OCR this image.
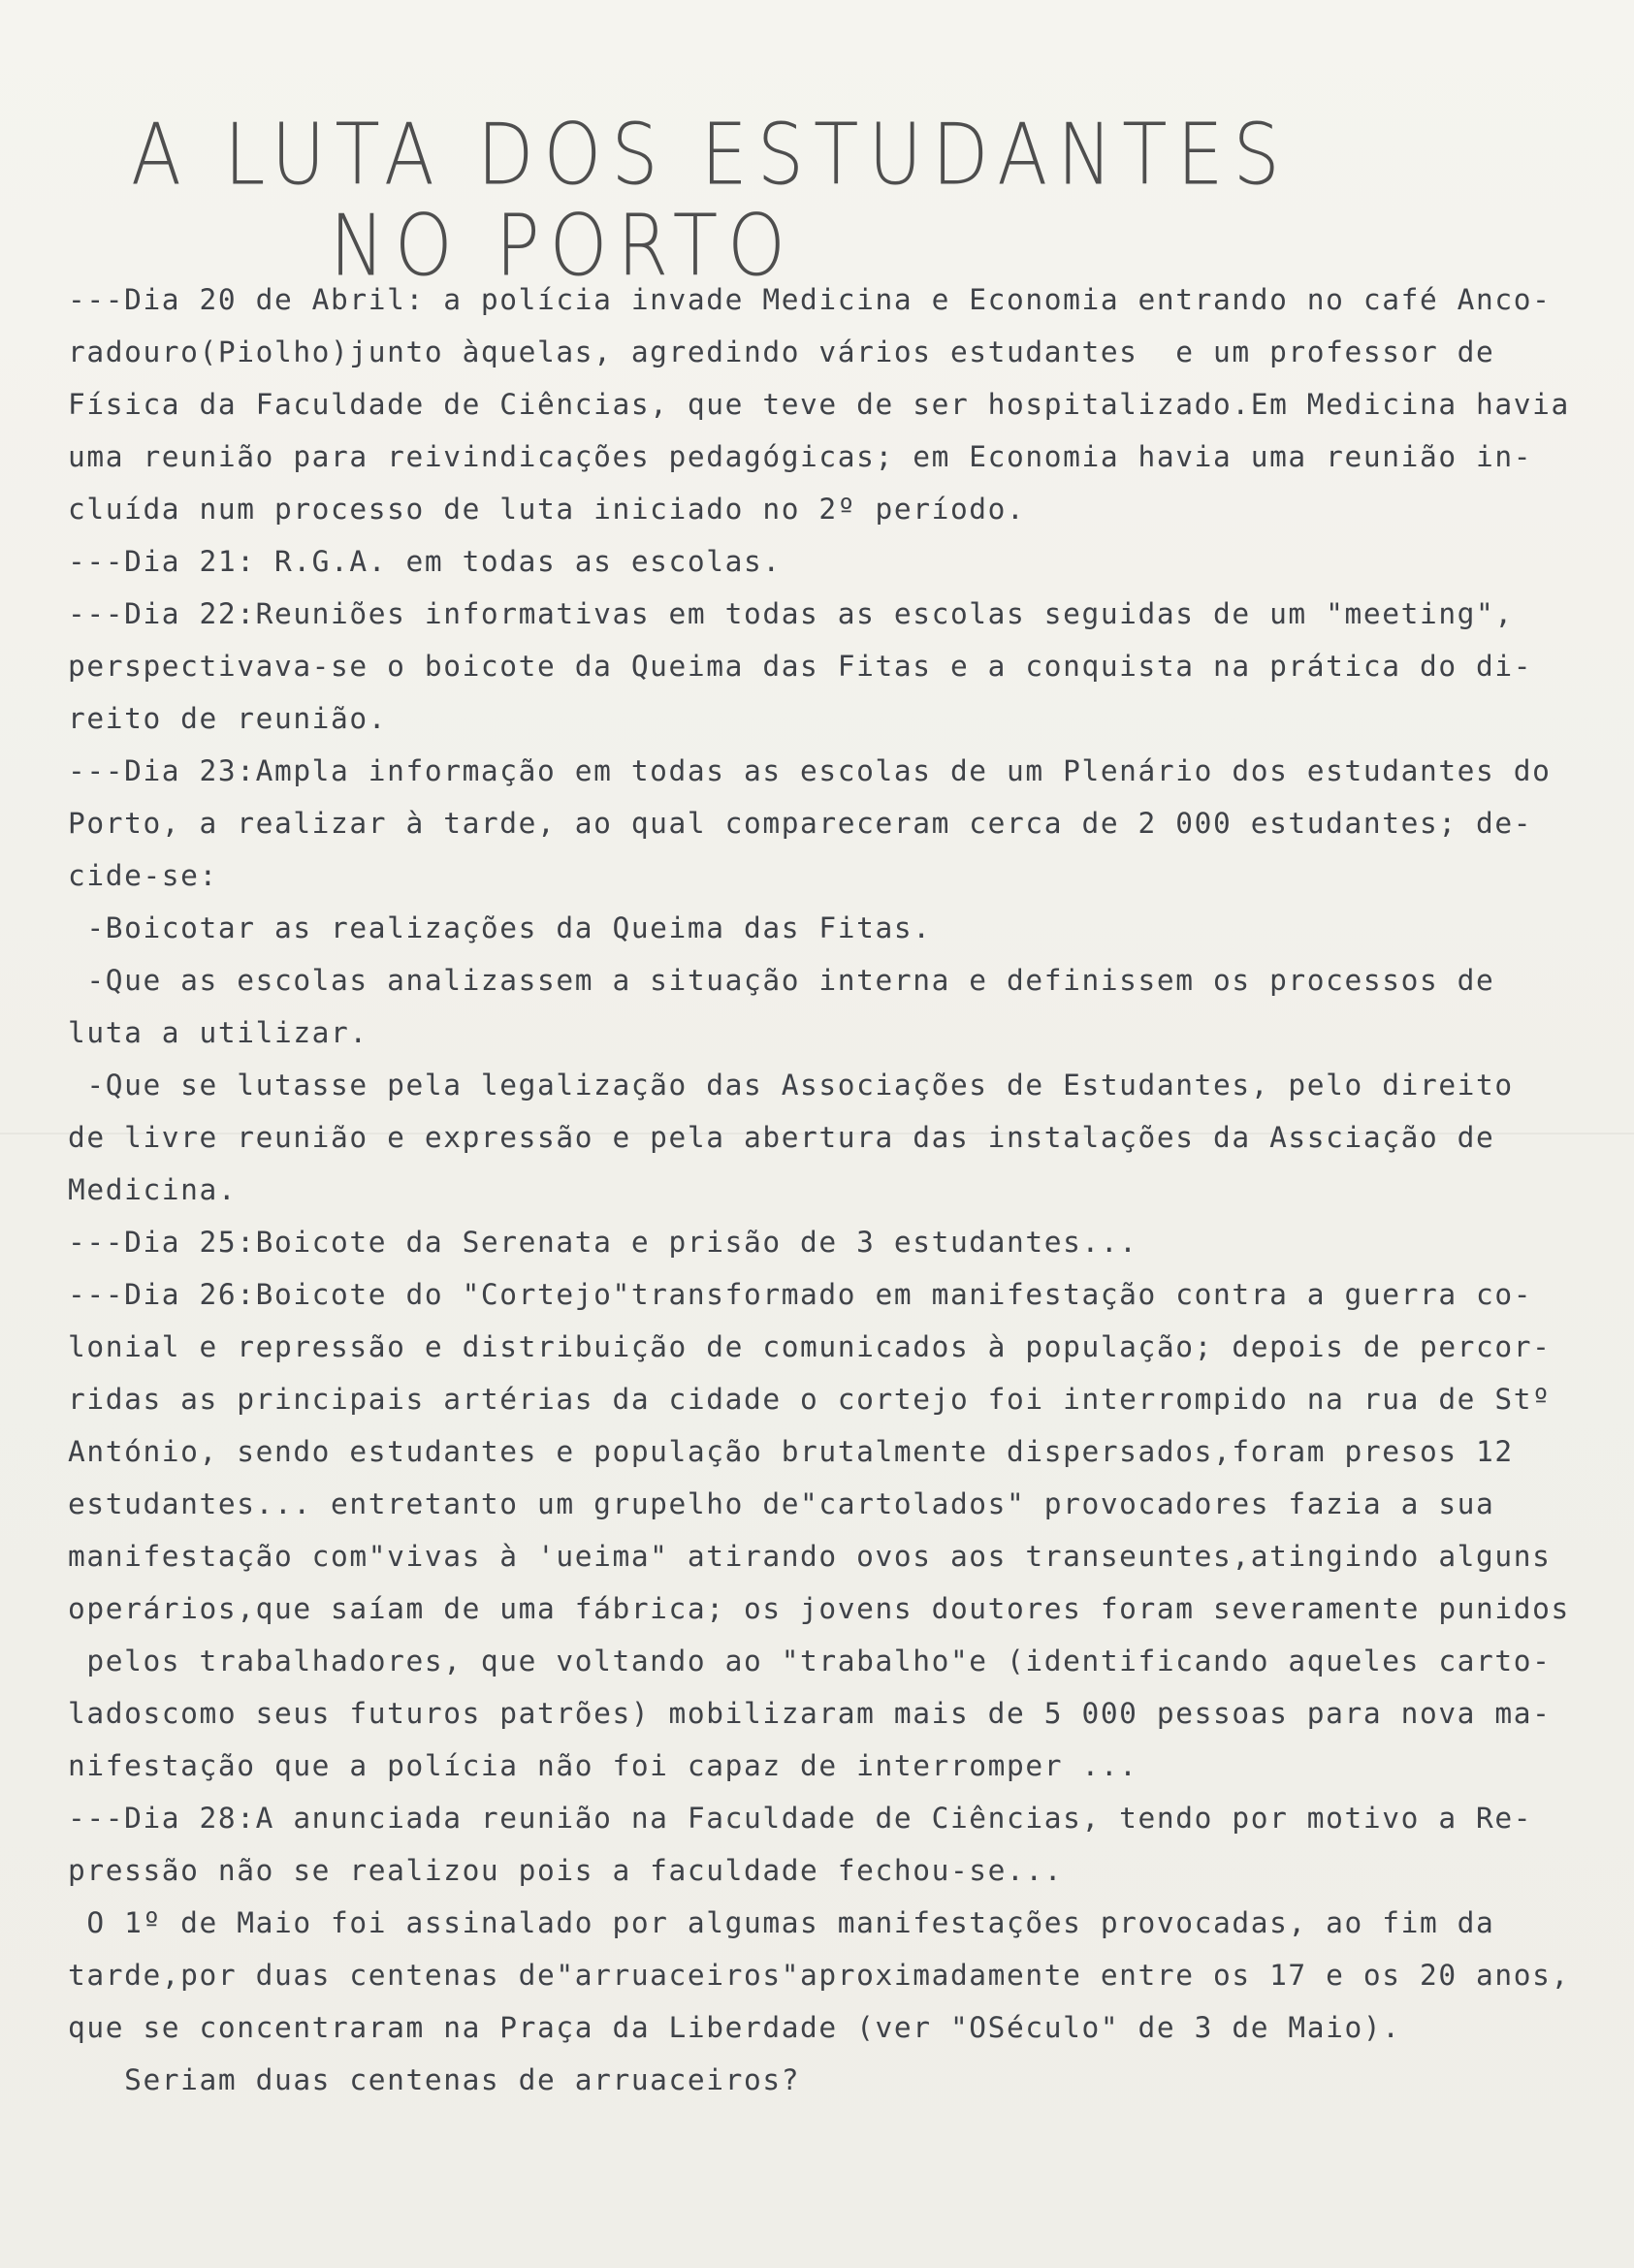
A LUTA DOS ESTUDANTES
NO PORTO
---Dia 20 de Abril: a polícia invade Medicina e Economia entrando no café Anco-
radouro(Piolho)junto àquelas, agredindo vários estudantes  e um professor de
Física da Faculdade de Ciências, que teve de ser hospitalizado.Em Medicina havia
uma reunião para reivindicações pedagógicas; em Economia havia uma reunião in-
cluída num processo de luta iniciado no 2º período.
---Dia 21: R.G.A. em todas as escolas.
---Dia 22:Reuniões informativas em todas as escolas seguidas de um "meeting",
perspectivava-se o boicote da Queima das Fitas e a conquista na prática do di-
reito de reunião.
---Dia 23:Ampla informação em todas as escolas de um Plenário dos estudantes do
Porto, a realizar à tarde, ao qual compareceram cerca de 2 000 estudantes; de-
cide-se:
-Boicotar as realizações da Queima das Fitas.
-Que as escolas analizassem a situação interna e definissem os processos de
luta a utilizar.
-Que se lutasse pela legalização das Associações de Estudantes, pelo direito
de livre reunião e expressão e pela abertura das instalações da Assciação de
Medicina.
---Dia 25:Boicote da Serenata e prisão de 3 estudantes...
---Dia 26:Boicote do "Cortejo"transformado em manifestação contra a guerra co-
lonial e repressão e distribuição de comunicados à população; depois de percor-
ridas as principais artérias da cidade o cortejo foi interrompido na rua de Stº
António, sendo estudantes e população brutalmente dispersados,foram presos 12
estudantes... entretanto um grupelho de"cartolados" provocadores fazia a sua
manifestação com"vivas à 'ueima" atirando ovos aos transeuntes,atingindo alguns
operários,que saíam de uma fábrica; os jovens doutores foram severamente punidos
pelos trabalhadores, que voltando ao "trabalho"e (identificando aqueles carto-
ladoscomo seus futuros patrões) mobilizaram mais de 5 000 pessoas para nova ma-
nifestação que a polícia não foi capaz de interromper ...
---Dia 28:A anunciada reunião na Faculdade de Ciências, tendo por motivo a Re-
pressão não se realizou pois a faculdade fechou-se...
O 1º de Maio foi assinalado por algumas manifestações provocadas, ao fim da
tarde,por duas centenas de"arruaceiros"aproximadamente entre os 17 e os 20 anos,
que se concentraram na Praça da Liberdade (ver "OSéculo" de 3 de Maio).
Seriam duas centenas de arruaceiros?
